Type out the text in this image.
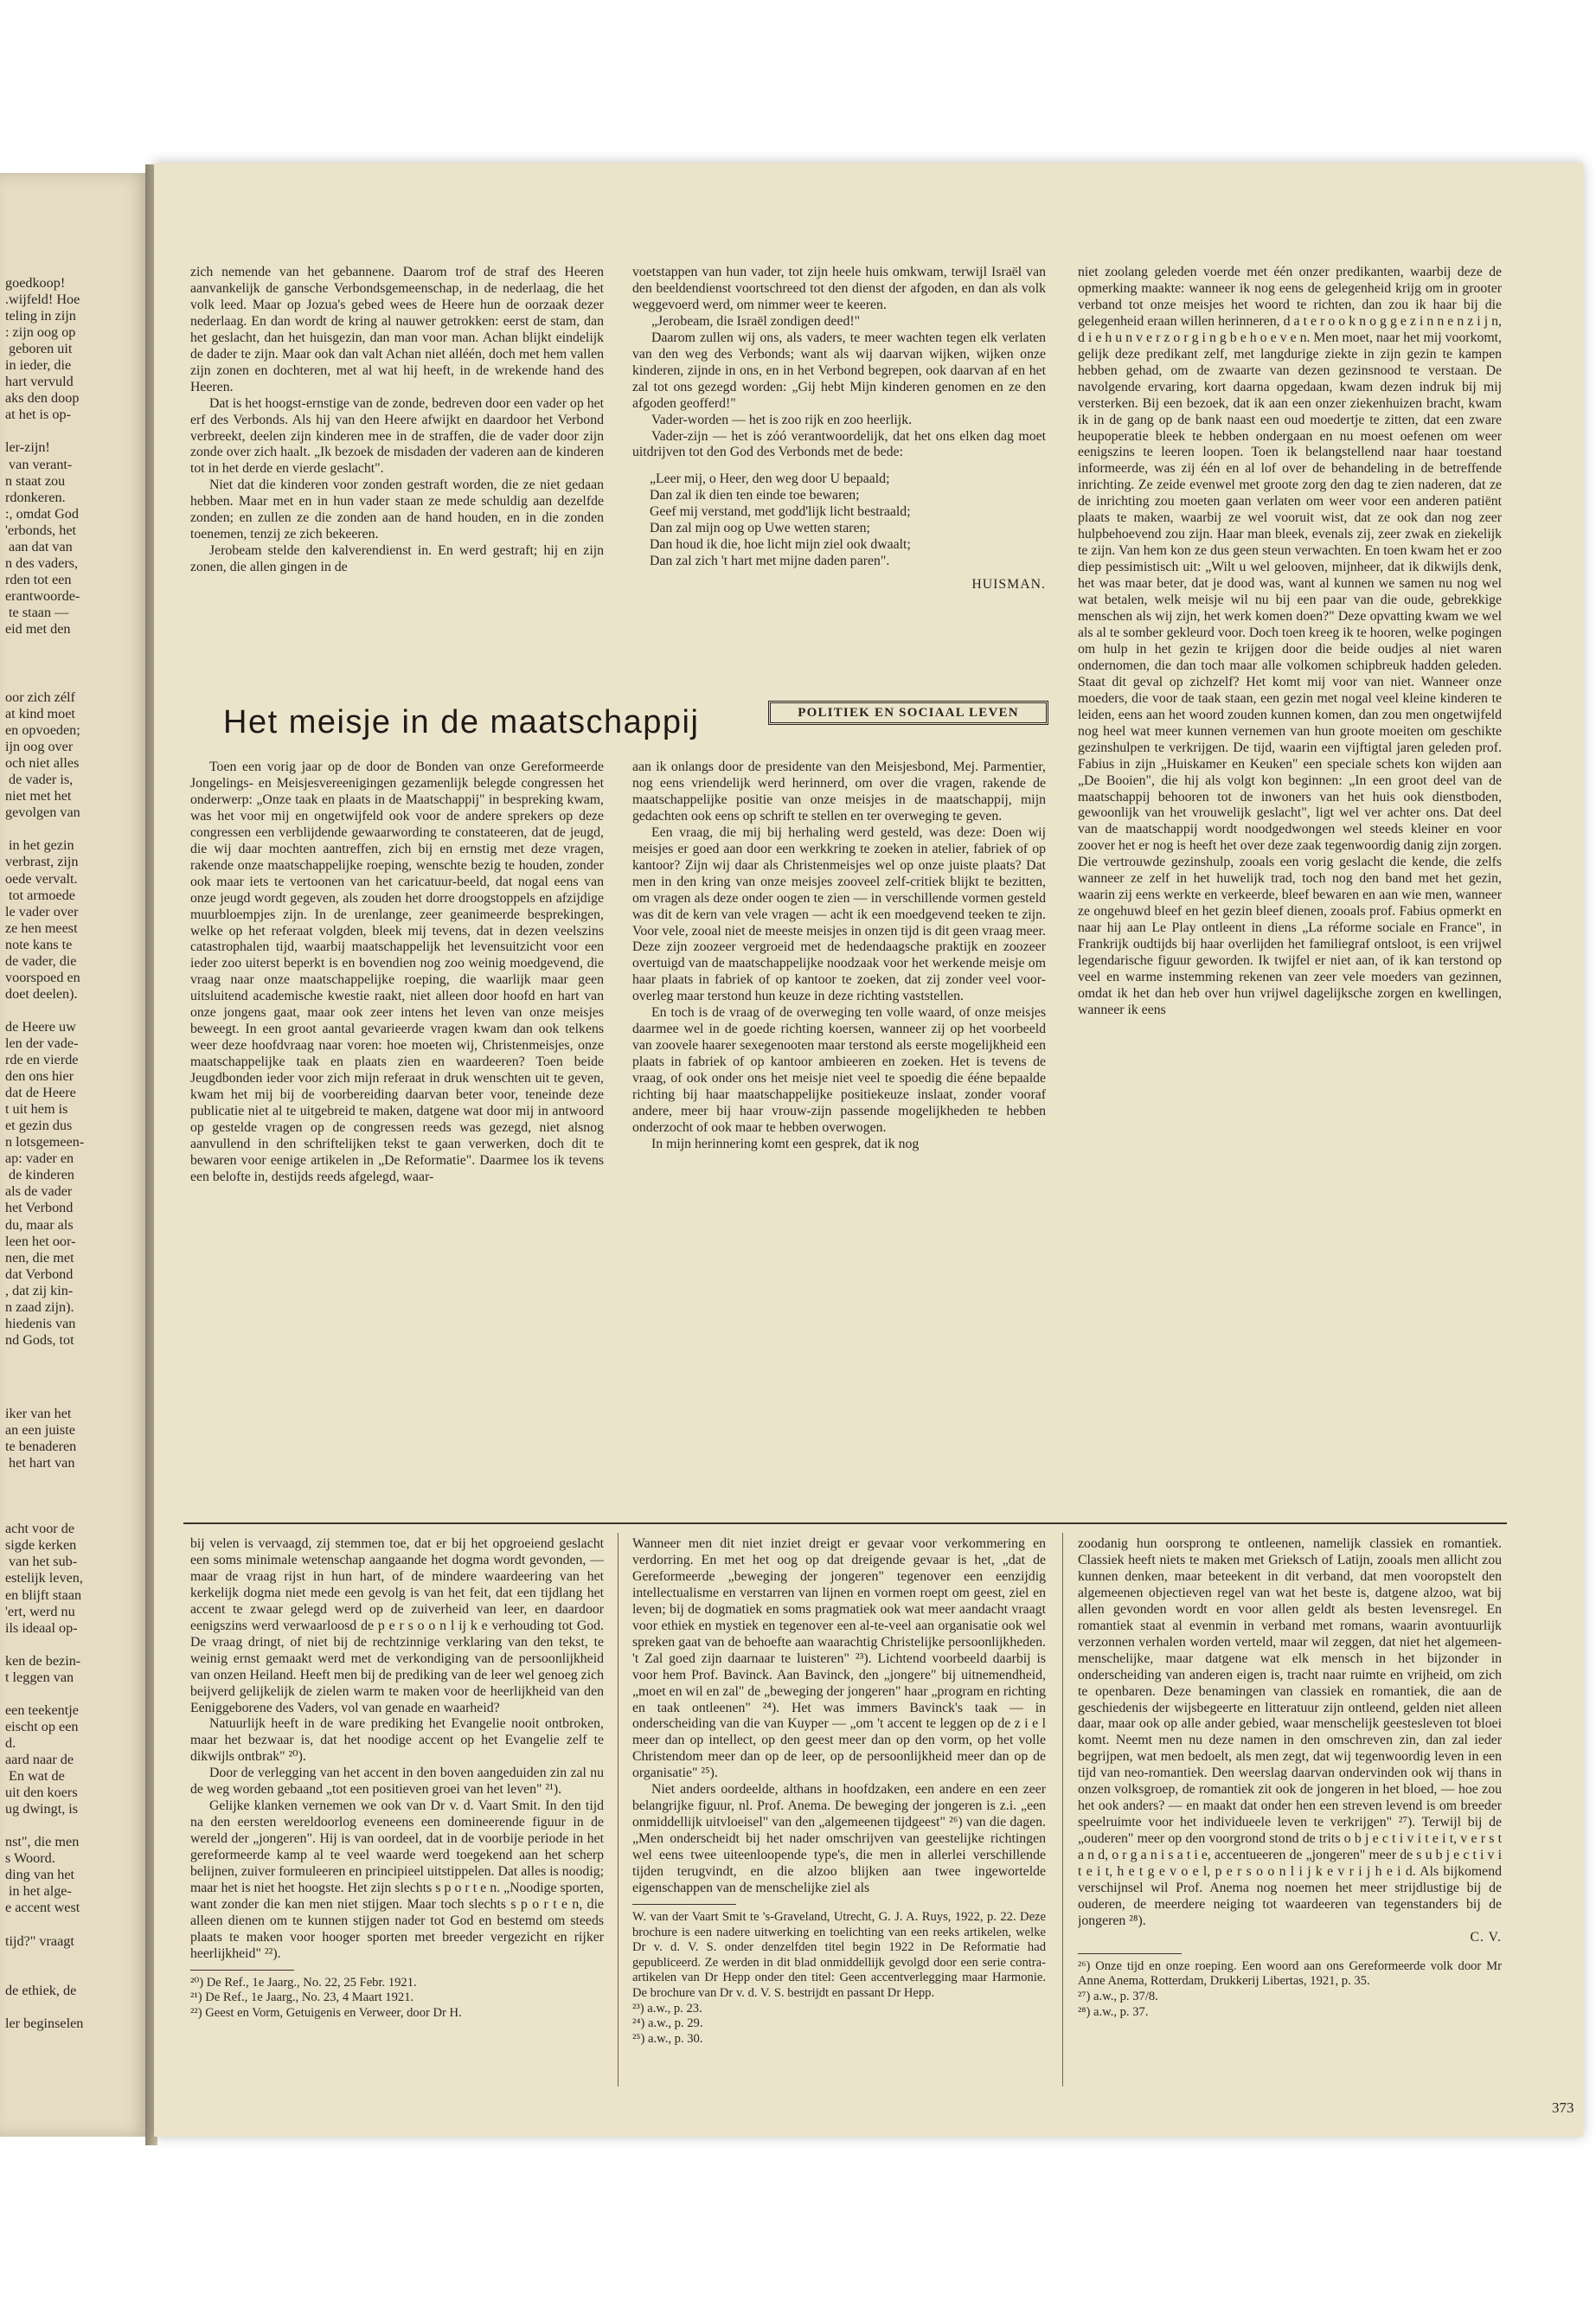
goedkoop!
.wijfeld! Hoe
teling in zijn
: zijn oog op
geboren uit
in ieder, die
hart vervuld
aks den doop
at het is op-

ler-zijn!
van verant-
n staat zou
rdonkeren.
:, omdat God
'erbonds, het
aan dat van
n des vaders,
rden tot een
erantwoorde-
te staan —
eid met den
oor zich zélf
at kind moet
en opvoeden;
ijn oog over
och niet alles
de vader is,
niet met het
gevolgen van

in het gezin
verbrast, zijn
oede vervalt.
tot armoede
le vader over
ze hen meest
note kans te
de vader, die
voorspoed en
doet deelen).

de Heere uw
len der vade-
rde en vierde
den ons hier
dat de Heere
t uit hem is
et gezin dus
n lotsgemeen-
ap: vader en
de kinderen
als de vader
het Verbond
du, maar als
leen het oor-
nen, die met
dat Verbond
, dat zij kin-
n zaad zijn).
hiedenis van
nd Gods, tot
iker van het
an een juiste
te benaderen
het hart van

acht voor de
sigde kerken
van het sub-
estelijk leven,
en blijft staan
'ert, werd nu
ils ideaal op-

ken de bezin-
t leggen van

een teekentje
eischt op een
d.
aard naar de
En wat de
uit den koers
ug dwingt, is

nst", die men
s Woord.
ding van het
in het alge-
e accent west

tijd?" vraagt

de ethiek, de

ler beginselen

zich nemende van het gebannene. Daarom trof de straf des Heeren aanvankelijk de gansche Verbondsgemeenschap, in de nederlaag, die het volk leed. Maar op Jozua's gebed wees de Heere hun de oorzaak dezer nederlaag. En dan wordt de kring al nauwer getrokken: eerst de stam, dan het geslacht, dan het huisgezin, dan man voor man. Achan blijkt eindelijk de dader te zijn. Maar ook dan valt Achan niet alléén, doch met hem vallen zijn zonen en dochteren, met al wat hij heeft, in de wrekende hand des Heeren.

Dat is het hoogst-ernstige van de zonde, bedreven door een vader op het erf des Verbonds. Als hij van den Heere afwijkt en daardoor het Verbond verbreekt, deelen zijn kinderen mee in de straffen, die de vader door zijn zonde over zich haalt. „Ik bezoek de misdaden der vaderen aan de kinderen tot in het derde en vierde geslacht".

Niet dat die kinderen voor zonden gestraft worden, die ze niet gedaan hebben. Maar met en in hun vader staan ze mede schuldig aan dezelfde zonden; en zullen ze die zonden aan de hand houden, en in die zonden toenemen, tenzij ze zich bekeeren.

Jerobeam stelde den kalverendienst in. En werd gestraft; hij en zijn zonen, die allen gingen in de

voetstappen van hun vader, tot zijn heele huis omkwam, terwijl Israël van den beeldendienst voortschreed tot den dienst der afgoden, en dan als volk weggevoerd werd, om nimmer weer te keeren.

„Jerobeam, die Israël zondigen deed!"

Daarom zullen wij ons, als vaders, te meer wachten tegen elk verlaten van den weg des Verbonds; want als wij daarvan wijken, wijken onze kinderen, zijnde in ons, en in het Verbond begrepen, ook daarvan af en het zal tot ons gezegd worden: „Gij hebt Mijn kinderen genomen en ze den afgoden geofferd!"

Vader-worden — het is zoo rijk en zoo heerlijk.

Vader-zijn — het is zóó verantwoordelijk, dat het ons elken dag moet uitdrijven tot den God des Verbonds met de bede:

„Leer mij, o Heer, den weg door U bepaald;
Dan zal ik dien ten einde toe bewaren;
Geef mij verstand, met godd'lijk licht bestraald;
Dan zal mijn oog op Uwe wetten staren;
Dan houd ik die, hoe licht mijn ziel ook dwaalt;
Dan zal zich 't hart met mijne daden paren".

HUISMAN.

Het meisje in de maatschappij	POLITIEK EN SOCIAAL LEVEN

Toen een vorig jaar op de door de Bonden van onze Gereformeerde Jongelings- en Meisjesvereenigingen gezamenlijk belegde congressen het onderwerp: „Onze taak en plaats in de Maatschappij" in bespreking kwam, was het voor mij en ongetwijfeld ook voor de andere sprekers op deze congressen een verblijdende gewaarwording te constateeren, dat de jeugd, die wij daar mochten aantreffen, zich bij en ernstig met deze vragen, rakende onze maatschappelijke roeping, wenschte bezig te houden, zonder ook maar iets te vertoonen van het caricatuur-beeld, dat nogal eens van onze jeugd wordt gegeven, als zouden het dorre droogstoppels en afzijdige muurbloempjes zijn. In de urenlange, zeer geanimeerde besprekingen, welke op het referaat volgden, bleek mij tevens, dat in dezen veelszins catastrophalen tijd, waarbij maatschappelijk het levensuitzicht voor een ieder zoo uiterst beperkt is en bovendien nog zoo weinig moedgevend, die vraag naar onze maatschappelijke roeping, die waarlijk maar geen uitsluitend academische kwestie raakt, niet alleen door hoofd en hart van onze jongens gaat, maar ook zeer intens het leven van onze meisjes beweegt. In een groot aantal gevarieerde vragen kwam dan ook telkens weer deze hoofdvraag naar voren: hoe moeten wij, Christenmeisjes, onze maatschappelijke taak en plaats zien en waardeeren? Toen beide Jeugdbonden ieder voor zich mijn referaat in druk wenschten uit te geven, kwam het mij bij de voorbereiding daarvan beter voor, teneinde deze publicatie niet al te uitgebreid te maken, datgene wat door mij in antwoord op gestelde vragen op de congressen reeds was gezegd, niet alsnog aanvullend in den schriftelijken tekst te gaan verwerken, doch dit te bewaren voor eenige artikelen in „De Reformatie". Daarmee los ik tevens een belofte in, destijds reeds afgelegd, waar-

aan ik onlangs door de presidente van den Meisjesbond, Mej. Parmentier, nog eens vriendelijk werd herinnerd, om over die vragen, rakende de maatschappelijke positie van onze meisjes in de maatschappij, mijn gedachten ook eens op schrift te stellen en ter overweging te geven.

Een vraag, die mij bij herhaling werd gesteld, was deze: Doen wij meisjes er goed aan door een werkkring te zoeken in atelier, fabriek of op kantoor? Zijn wij daar als Christenmeisjes wel op onze juiste plaats? Dat men in den kring van onze meisjes zooveel zelf-critiek blijkt te bezitten, om vragen als deze onder oogen te zien — in verschillende vormen gesteld was dit de kern van vele vragen — acht ik een moedgevend teeken te zijn. Voor vele, zooal niet de meeste meisjes in onzen tijd is dit geen vraag meer. Deze zijn zoozeer vergroeid met de hedendaagsche praktijk en zoozeer overtuigd van de maatschappelijke noodzaak voor het werkende meisje om haar plaats in fabriek of op kantoor te zoeken, dat zij zonder veel voor-overleg maar terstond hun keuze in deze richting vaststellen.

En toch is de vraag of de overweging ten volle waard, of onze meisjes daarmee wel in de goede richting koersen, wanneer zij op het voorbeeld van zoovele haarer sexegenooten maar terstond als eerste mogelijkheid een plaats in fabriek of op kantoor ambieeren en zoeken. Het is tevens de vraag, of ook onder ons het meisje niet veel te spoedig die ééne bepaalde richting bij haar maatschappelijke positiekeuze inslaat, zonder vooraf andere, meer bij haar vrouw-zijn passende mogelijkheden te hebben onderzocht of ook maar te hebben overwogen.

In mijn herinnering komt een gesprek, dat ik nog

niet zoolang geleden voerde met één onzer predikanten, waarbij deze de opmerking maakte: wanneer ik nog eens de gelegenheid krijg om in grooter verband tot onze meisjes het woord te richten, dan zou ik haar bij die gelegenheid eraan willen herinneren, d a t e r o o k n o g g e z i n n e n z i j n, d i e h u n v e r z o r g i n g b e h o e v e n. Men moet, naar het mij voorkomt, gelijk deze predikant zelf, met langdurige ziekte in zijn gezin te kampen hebben gehad, om de zwaarte van dezen gezinsnood te verstaan. De navolgende ervaring, kort daarna opgedaan, kwam dezen indruk bij mij versterken. Bij een bezoek, dat ik aan een onzer ziekenhuizen bracht, kwam ik in de gang op de bank naast een oud moedertje te zitten, dat een zware heupoperatie bleek te hebben ondergaan en nu moest oefenen om weer eenigszins te leeren loopen. Toen ik belangstellend naar haar toestand informeerde, was zij één en al lof over de behandeling in de betreffende inrichting. Ze zeide evenwel met groote zorg den dag te zien naderen, dat ze de inrichting zou moeten gaan verlaten om weer voor een anderen patiënt plaats te maken, waarbij ze wel vooruit wist, dat ze ook dan nog zeer hulpbehoevend zou zijn. Haar man bleek, evenals zij, zeer zwak en ziekelijk te zijn. Van hem kon ze dus geen steun verwachten. En toen kwam het er zoo diep pessimistisch uit: „Wilt u wel gelooven, mijnheer, dat ik dikwijls denk, het was maar beter, dat je dood was, want al kunnen we samen nu nog wel wat betalen, welk meisje wil nu bij een paar van die oude, gebrekkige menschen als wij zijn, het werk komen doen?" Deze opvatting kwam we wel als al te somber gekleurd voor. Doch toen kreeg ik te hooren, welke pogingen om hulp in het gezin te krijgen door die beide oudjes al niet waren ondernomen, die dan toch maar alle volkomen schipbreuk hadden geleden. Staat dit geval op zichzelf? Het komt mij voor van niet. Wanneer onze moeders, die voor de taak staan, een gezin met nogal veel kleine kinderen te leiden, eens aan het woord zouden kunnen komen, dan zou men ongetwijfeld nog heel wat meer kunnen vernemen van hun groote moeiten om geschikte gezinshulpen te verkrijgen. De tijd, waarin een vijftigtal jaren geleden prof. Fabius in zijn „Huiskamer en Keuken" een speciale schets kon wijden aan „De Booien", die hij als volgt kon beginnen: „In een groot deel van de maatschappij behooren tot de inwoners van het huis ook dienstboden, gewoonlijk van het vrouwelijk geslacht", ligt wel ver achter ons. Dat deel van de maatschappij wordt noodgedwongen wel steeds kleiner en voor zoover het er nog is heeft het over deze zaak tegenwoordig danig zijn zorgen. Die vertrouwde gezinshulp, zooals een vorig geslacht die kende, die zelfs wanneer ze zelf in het huwelijk trad, toch nog den band met het gezin, waarin zij eens werkte en verkeerde, bleef bewaren en aan wie men, wanneer ze ongehuwd bleef en het gezin bleef dienen, zooals prof. Fabius opmerkt en naar hij aan Le Play ontleent in diens „La réforme sociale en France", in Frankrijk oudtijds bij haar overlijden het familiegraf ontsloot, is een vrijwel legendarische figuur geworden. Ik twijfel er niet aan, of ik kan terstond op veel en warme instemming rekenen van zeer vele moeders van gezinnen, omdat ik het dan heb over hun vrijwel dagelijksche zorgen en kwellingen, wanneer ik eens

bij velen is vervaagd, zij stemmen toe, dat er bij het opgroeiend geslacht een soms minimale wetenschap aangaande het dogma wordt gevonden, — maar de vraag rijst in hun hart, of de mindere waardeering van het kerkelijk dogma niet mede een gevolg is van het feit, dat een tijdlang het accent te zwaar gelegd werd op de zuiverheid van leer, en daardoor eenigszins werd verwaarloosd de p e r s o o n l ij k e verhouding tot God. De vraag dringt, of niet bij de rechtzinnige verklaring van den tekst, te weinig ernst gemaakt werd met de verkondiging van de persoonlijkheid van onzen Heiland. Heeft men bij de prediking van de leer wel genoeg zich beijverd gelijkelijk de zielen warm te maken voor de heerlijkheid van den Eeniggeborene des Vaders, vol van genade en waarheid?

Natuurlijk heeft in de ware prediking het Evangelie nooit ontbroken, maar het bezwaar is, dat het noodige accent op het Evangelie zelf te dikwijls ontbrak" ²⁰).

Door de verlegging van het accent in den boven aangeduiden zin zal nu de weg worden gebaand „tot een positieven groei van het leven" ²¹).

Gelijke klanken vernemen we ook van Dr v. d. Vaart Smit. In den tijd na den eersten wereldoorlog eveneens een domineerende figuur in de wereld der „jongeren". Hij is van oordeel, dat in de voorbije periode in het gereformeerde kamp al te veel waarde werd toegekend aan het scherp belijnen, zuiver formuleeren en principieel uitstippelen. Dat alles is noodig; maar het is niet het hoogste. Het zijn slechts s p o r t e n. „Noodige sporten, want zonder die kan men niet stijgen. Maar toch slechts s p o r t e n, die alleen dienen om te kunnen stijgen nader tot God en bestemd om steeds plaats te maken voor hooger sporten met breeder vergezicht en rijker heerlijkheid" ²²).

²⁰) De Ref., 1e Jaarg., No. 22, 25 Febr. 1921.

²¹) De Ref., 1e Jaarg., No. 23, 4 Maart 1921.

²²) Geest en Vorm, Getuigenis en Verweer, door Dr H.

Wanneer men dit niet inziet dreigt er gevaar voor verkommering en verdorring. En met het oog op dat dreigende gevaar is het, „dat de Gereformeerde „beweging der jongeren" tegenover een eenzijdig intellectualisme en verstarren van lijnen en vormen roept om geest, ziel en leven; bij de dogmatiek en soms pragmatiek ook wat meer aandacht vraagt voor ethiek en mystiek en tegenover een al-te-veel aan organisatie ook wel spreken gaat van de behoefte aan waarachtig Christelijke persoonlijkheden. 't Zal goed zijn daarnaar te luisteren" ²³). Lichtend voorbeeld daarbij is voor hem Prof. Bavinck. Aan Bavinck, den „jongere" bij uitnemendheid, „moet en wil en zal" de „beweging der jongeren" haar „program en richting en taak ontleenen" ²⁴). Het was immers Bavinck's taak — in onderscheiding van die van Kuyper — „om 't accent te leggen op de z i e l meer dan op intellect, op den geest meer dan op den vorm, op het volle Christendom meer dan op de leer, op de persoonlijkheid meer dan op de organisatie" ²⁵).

Niet anders oordeelde, althans in hoofdzaken, een andere en een zeer belangrijke figuur, nl. Prof. Anema. De beweging der jongeren is z.i. „een onmiddellijk uitvloeisel" van den „algemeenen tijdgeest" ²⁶) van die dagen. „Men onderscheidt bij het nader omschrijven van geestelijke richtingen wel eens twee uiteenloopende type's, die men in allerlei verschillende tijden terugvindt, en die alzoo blijken aan twee ingewortelde eigenschappen van de menschelijke ziel als

W. van der Vaart Smit te 's-Graveland, Utrecht, G. J. A. Ruys, 1922, p. 22. Deze brochure is een nadere uitwerking en toelichting van een reeks artikelen, welke Dr v. d. V. S. onder denzelfden titel begin 1922 in De Reformatie had gepubliceerd. Ze werden in dit blad onmiddellijk gevolgd door een serie contra-artikelen van Dr Hepp onder den titel: Geen accentverlegging maar Harmonie. De brochure van Dr v. d. V. S. bestrijdt en passant Dr Hepp.

²³) a.w., p. 23.

²⁴) a.w., p. 29.

²⁵) a.w., p. 30.

zoodanig hun oorsprong te ontleenen, namelijk classiek en romantiek. Classiek heeft niets te maken met Grieksch of Latijn, zooals men allicht zou kunnen denken, maar beteekent in dit verband, dat men vooropstelt den algemeenen objectieven regel van wat het beste is, datgene alzoo, wat bij allen gevonden wordt en voor allen geldt als besten levensregel. En romantiek staat al evenmin in verband met romans, waarin avontuurlijk verzonnen verhalen worden verteld, maar wil zeggen, dat niet het algemeen-menschelijke, maar datgene wat elk mensch in het bijzonder in onderscheiding van anderen eigen is, tracht naar ruimte en vrijheid, om zich te openbaren. Deze benamingen van classiek en romantiek, die aan de geschiedenis der wijsbegeerte en litteratuur zijn ontleend, gelden niet alleen daar, maar ook op alle ander gebied, waar menschelijk geestesleven tot bloei komt. Neemt men nu deze namen in den omschreven zin, dan zal ieder begrijpen, wat men bedoelt, als men zegt, dat wij tegenwoordig leven in een tijd van neo-romantiek. Den weerslag daarvan ondervinden ook wij thans in onzen volksgroep, de romantiek zit ook de jongeren in het bloed, — hoe zou het ook anders? — en maakt dat onder hen een streven levend is om breeder speelruimte voor het individueele leven te verkrijgen" ²⁷). Terwijl bij de „ouderen" meer op den voorgrond stond de trits o b j e c t i v i t e i t, v e r s t a n d, o r g a n i s a t i e, accentueeren de „jongeren" meer de s u b j e c t i v i t e i t, h e t g e v o e l, p e r s o o n l i j k e v r i j h e i d. Als bijkomend verschijnsel wil Prof. Anema nog noemen het meer strijdlustige bij de ouderen, de meerdere neiging tot waardeeren van tegenstanders bij de jongeren ²⁸).

C. V.

²⁶) Onze tijd en onze roeping. Een woord aan ons Gereformeerde volk door Mr Anne Anema, Rotterdam, Drukkerij Libertas, 1921, p. 35.

²⁷) a.w., p. 37/8.

²⁸) a.w., p. 37.

373
